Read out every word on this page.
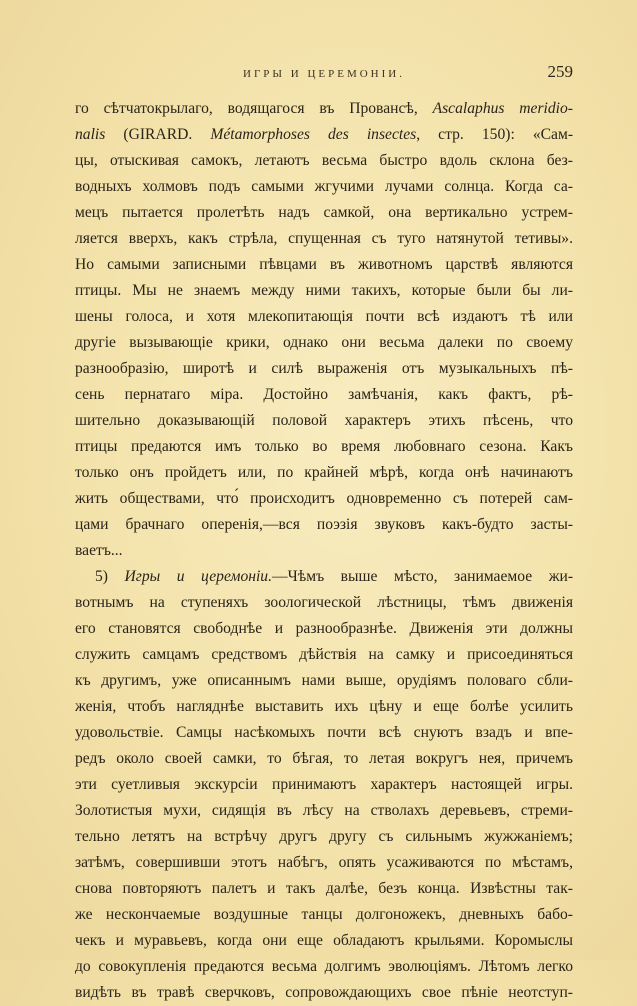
ИГРЫ И ЦЕРЕМОНІИ.	259
го сѣтчатокрылаго, водящагося въ Провансѣ, Ascalaphus meridio-
nalis (GIRARD. Métamorphoses des insectes, стр. 150): «Сам-
цы, отыскивая самокъ, летаютъ весьма быстро вдоль склона без-
водныхъ холмовъ подъ самыми жгучими лучами солнца. Когда са-
мецъ пытается пролетѣть надъ самкой, она вертикально устрем-
ляется вверхъ, какъ стрѣла, спущенная съ туго натянутой тетивы».
Но самыми записными пѣвцами въ животномъ царствѣ являются
птицы. Мы не знаемъ между ними такихъ, которые были бы ли-
шены голоса, и хотя млекопитающія почти всѣ издаютъ тѣ или
другіе вызывающіе крики, однако они весьма далеки по своему
разнообразію, широтѣ и силѣ выраженія отъ музыкальныхъ пѣ-
сень пернатаго міра. Достойно замѣчанія, какъ фактъ, рѣ-
шительно доказывающій половой характеръ этихъ пѣсень, что
птицы предаются имъ только во время любовнаго сезона. Какъ
только онъ пройдетъ или, по крайней мѣрѣ, когда онѣ начинаютъ
жить обществами, что́ происходитъ одновременно съ потерей сам-
цами брачнаго оперенія,—вся поэзія звуковъ какъ-будто засты-
ваетъ...
5) Игры и церемоніи.—Чѣмъ выше мѣсто, занимаемое жи-
вотнымъ на ступеняхъ зоологической лѣстницы, тѣмъ движенія
его становятся свободнѣе и разнообразнѣе. Движенія эти должны
служить самцамъ средствомъ дѣйствія на самку и присоединяться
къ другимъ, уже описаннымъ нами выше, орудіямъ половаго сбли-
женія, чтобъ нагляднѣе выставить ихъ цѣну и еще болѣе усилить
удовольствіе. Самцы насѣкомыхъ почти всѣ снуютъ взадъ и впе-
редъ около своей самки, то бѣгая, то летая вокругъ нея, причемъ
эти суетливыя экскурсіи принимаютъ характеръ настоящей игры.
Золотистыя мухи, сидящія въ лѣсу на стволахъ деревьевъ, стреми-
тельно летятъ на встрѣчу другъ другу съ сильнымъ жужжаніемъ;
затѣмъ, совершивши этотъ набѣгъ, опять усаживаются по мѣстамъ,
снова повторяютъ палетъ и такъ далѣе, безъ конца. Извѣстны так-
же нескончаемые воздушные танцы долгоножекъ, дневныхъ бабо-
чекъ и муравьевъ, когда они еще обладаютъ крыльями. Коромыслы
до совокупленія предаются весьма долгимъ эволюціямъ. Лѣтомъ легко
видѣть въ травѣ сверчковъ, сопровождающихъ свое пѣніе неотступ-
